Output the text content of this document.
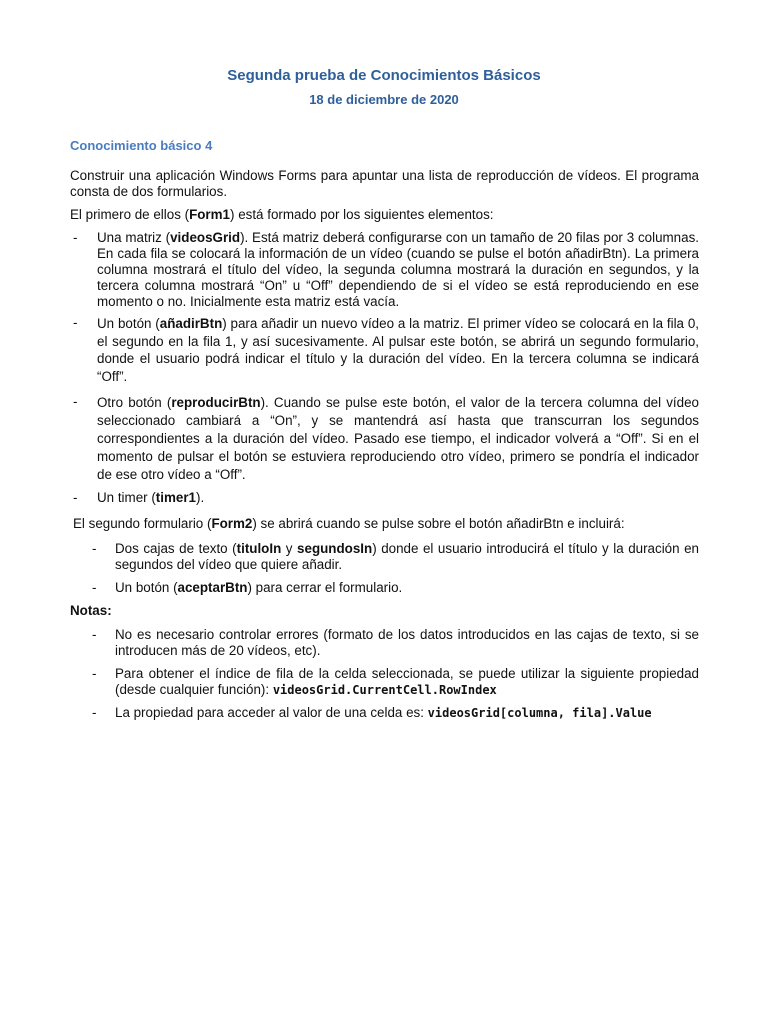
Segunda prueba de Conocimientos Básicos
18 de diciembre de 2020
Conocimiento básico 4
Construir una aplicación Windows Forms para apuntar una lista de reproducción de vídeos. El programa consta de dos formularios.
El primero de ellos (Form1) está formado por los siguientes elementos:
- Una matriz (videosGrid). Está matriz deberá configurarse con un tamaño de 20 filas por 3 columnas. En cada fila se colocará la información de un vídeo (cuando se pulse el botón añadirBtn). La primera columna mostrará el título del vídeo, la segunda columna mostrará la duración en segundos, y la tercera columna mostrará “On” u “Off” dependiendo de si el vídeo se está reproduciendo en ese momento o no. Inicialmente esta matriz está vacía.
- Un botón (añadirBtn) para añadir un nuevo vídeo a la matriz. El primer vídeo se colocará en la fila 0, el segundo en la fila 1, y así sucesivamente. Al pulsar este botón, se abrirá un segundo formulario, donde el usuario podrá indicar el título y la duración del vídeo. En la tercera columna se indicará “Off”.
- Otro botón (reproducirBtn). Cuando se pulse este botón, el valor de la tercera columna del vídeo seleccionado cambiará a “On”, y se mantendrá así hasta que transcurran los segundos correspondientes a la duración del vídeo. Pasado ese tiempo, el indicador volverá a “Off”. Si en el momento de pulsar el botón se estuviera reproduciendo otro vídeo, primero se pondría el indicador de ese otro vídeo a “Off”.
- Un timer (timer1).
El segundo formulario (Form2) se abrirá cuando se pulse sobre el botón añadirBtn e incluirá:
- Dos cajas de texto (tituloIn y segundosIn) donde el usuario introducirá el título y la duración en segundos del vídeo que quiere añadir.
- Un botón (aceptarBtn) para cerrar el formulario.
Notas:
- No es necesario controlar errores (formato de los datos introducidos en las cajas de texto, si se introducen más de 20 vídeos, etc).
- Para obtener el índice de fila de la celda seleccionada, se puede utilizar la siguiente propiedad (desde cualquier función): videosGrid.CurrentCell.RowIndex
- La propiedad para acceder al valor de una celda es: videosGrid[columna, fila].Value
